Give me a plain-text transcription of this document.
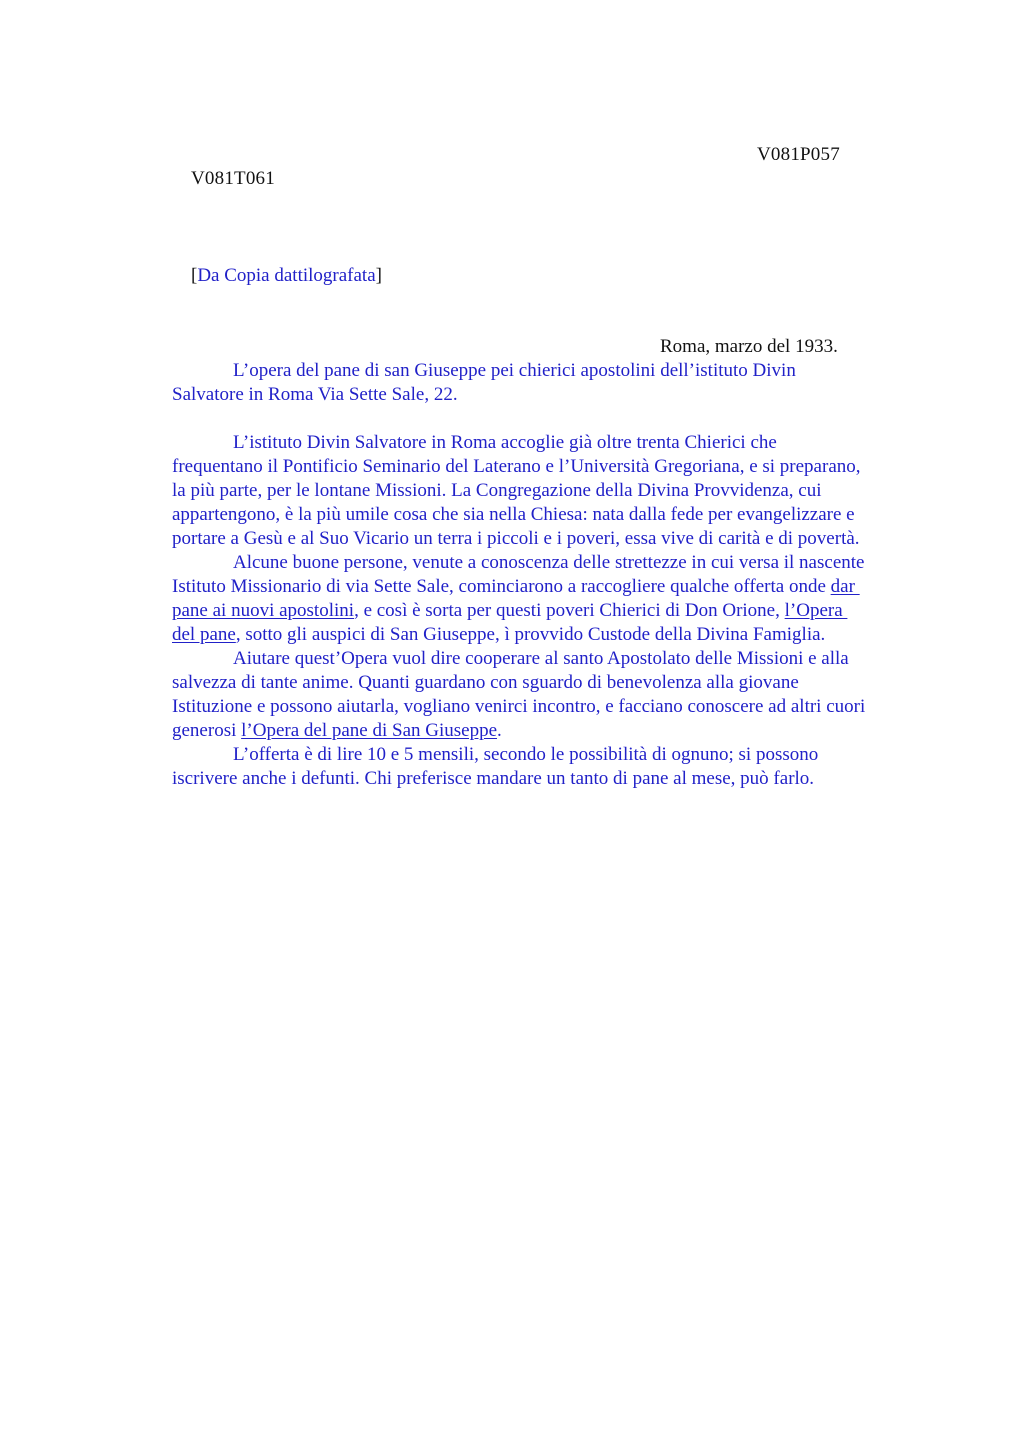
V081T061

V081P057

[Da Copia dattilografata]

Roma, marzo del 1933.
L’opera del pane di san Giuseppe pei chierici apostolini dell’istituto Divin
Salvatore in Roma Via Sette Sale, 22.
L’istituto Divin Salvatore in Roma accoglie già oltre trenta Chierici che
frequentano il Pontificio Seminario del Laterano e l’Università Gregoriana, e si preparano,
la più parte, per le lontane Missioni. La Congregazione della Divina Provvidenza, cui
appartengono, è la più umile cosa che sia nella Chiesa: nata dalla fede per evangelizzare e
portare a Gesù e al Suo Vicario un terra i piccoli e i poveri, essa vive di carità e di povertà.
Alcune buone persone, venute a conoscenza delle strettezze in cui versa il nascente
Istituto Missionario di via Sette Sale, cominciarono a raccogliere qualche offerta onde dar
pane ai nuovi apostolini, e così è sorta per questi poveri Chierici di Don Orione, l’Opera
del pane, sotto gli auspici di San Giuseppe, ì provvido Custode della Divina Famiglia.
Aiutare quest’Opera vuol dire cooperare al santo Apostolato delle Missioni e alla
salvezza di tante anime. Quanti guardano con sguardo di benevolenza alla giovane
Istituzione e possono aiutarla, vogliano venirci incontro, e facciano conoscere ad altri cuori
generosi l’Opera del pane di San Giuseppe.
L’offerta è di lire 10 e 5 mensili, secondo le possibilità di ognuno; si possono
iscrivere anche i defunti. Chi preferisce mandare un tanto di pane al mese, può farlo.
